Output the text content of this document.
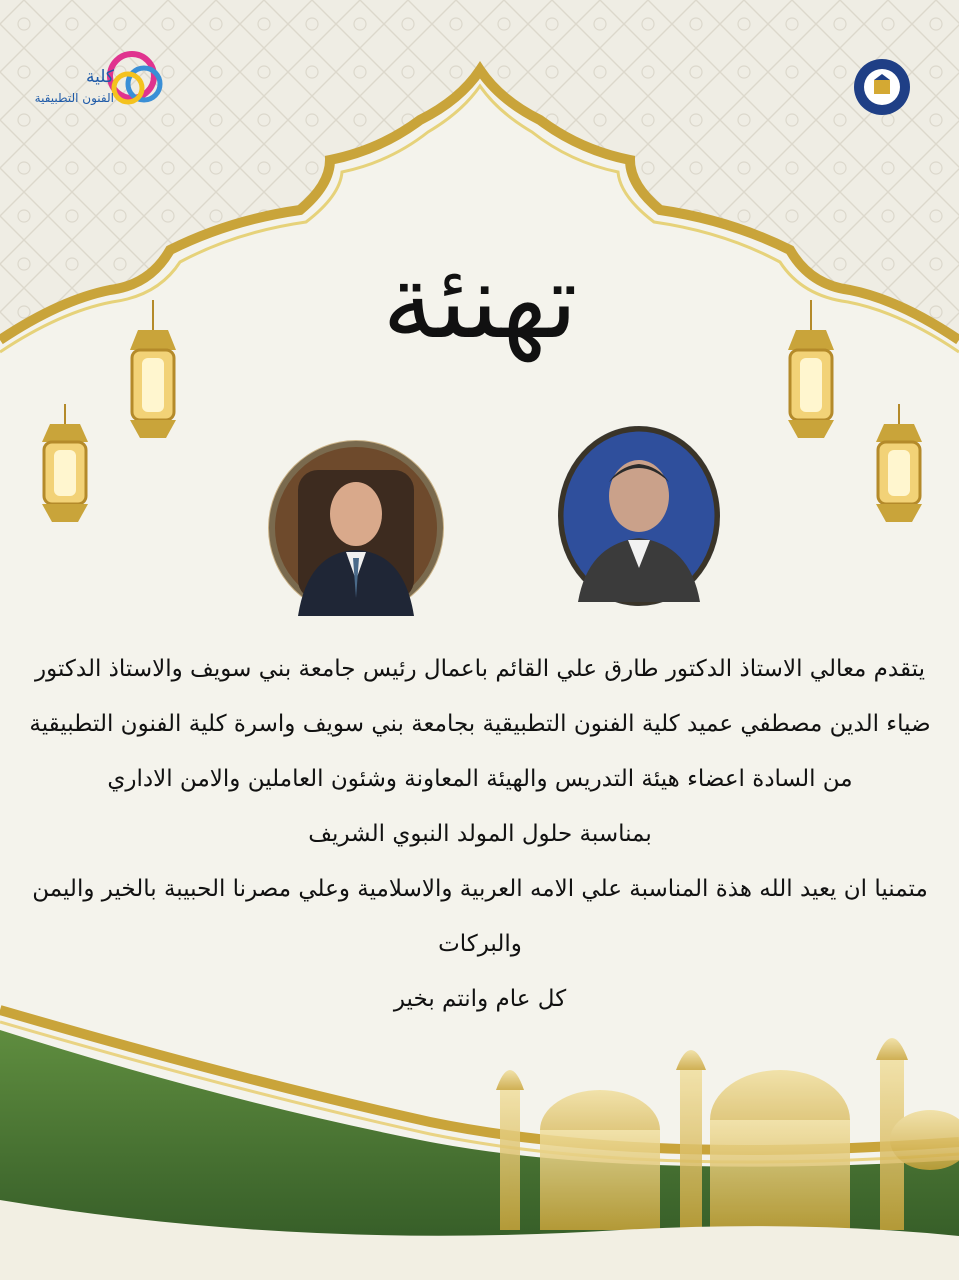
كلية
الفنون التطبيقية
تهنئة

يتقدم معالي الاستاذ الدكتور طارق علي القائم باعمال رئيس جامعة بني سويف والاستاذ الدكتور ضياء الدين مصطفي عميد كلية الفنون التطبيقية بجامعة بني سويف واسرة كلية الفنون التطبيقية من السادة اعضاء هيئة التدريس والهيئة المعاونة وشئون العاملين والامن الاداري

بمناسبة حلول المولد النبوي الشريف

متمنيا ان يعيد الله هذة المناسبة علي الامه العربية والاسلامية وعلي مصرنا الحبيبة بالخير واليمن والبركات

كل عام وانتم بخير
